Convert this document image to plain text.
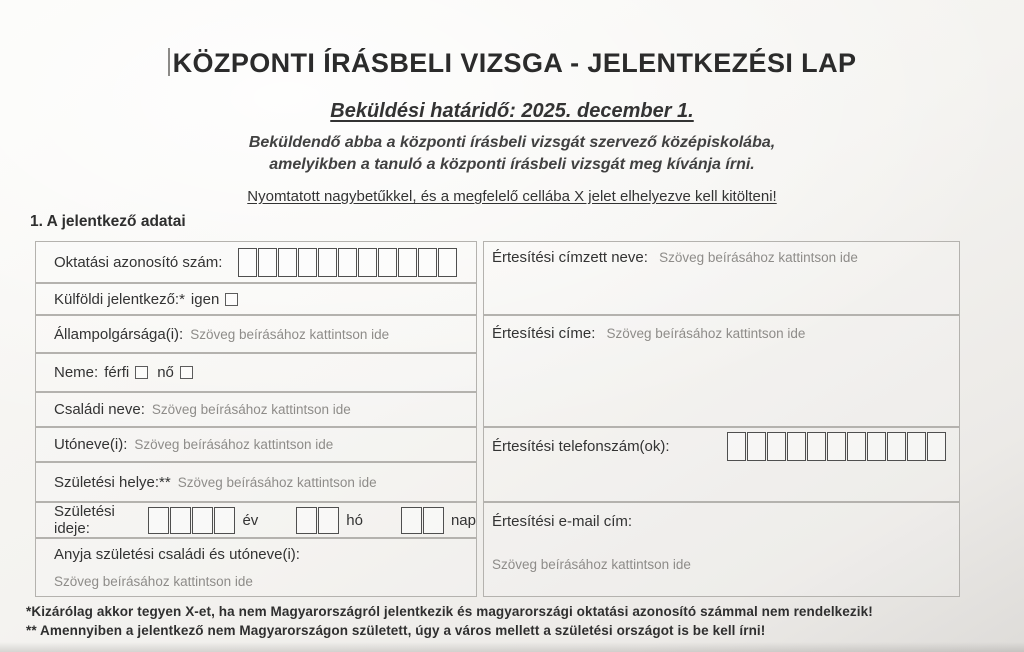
KÖZPONTI ÍRÁSBELI VIZSGA - JELENTKEZÉSI LAP
Beküldési határidő: 2025. december 1.
Beküldendő abba a központi írásbeli vizsgát szervező középiskolába,
amelyikben a tanuló a központi írásbeli vizsgát meg kívánja írni.
Nyomtatott nagybetűkkel, és a megfelelő cellába X jelet elhelyezve kell kitölteni!
1. A jelentkező adatai
Oktatási azonosító szám:
Külföldi jelentkező:* igen
Állampolgársága(i): Szöveg beírásához kattintson ide
Neme: férfi nő
Családi neve: Szöveg beírásához kattintson ide
Utóneve(i): Szöveg beírásához kattintson ide
Születési helye:** Szöveg beírásához kattintson ide
Születési ideje:	év	hó	nap
Anyja születési családi és utóneve(i):
Szöveg beírásához kattintson ide
Értesítési címzett neve: Szöveg beírásához kattintson ide
Értesítési címe: Szöveg beírásához kattintson ide
Értesítési telefonszám(ok):
Értesítési e-mail cím:
Szöveg beírásához kattintson ide
*Kizárólag akkor tegyen X-et, ha nem Magyarországról jelentkezik és magyarországi oktatási azonosító számmal nem rendelkezik!
** Amennyiben a jelentkező nem Magyarországon született, úgy a város mellett a születési országot is be kell írni!
